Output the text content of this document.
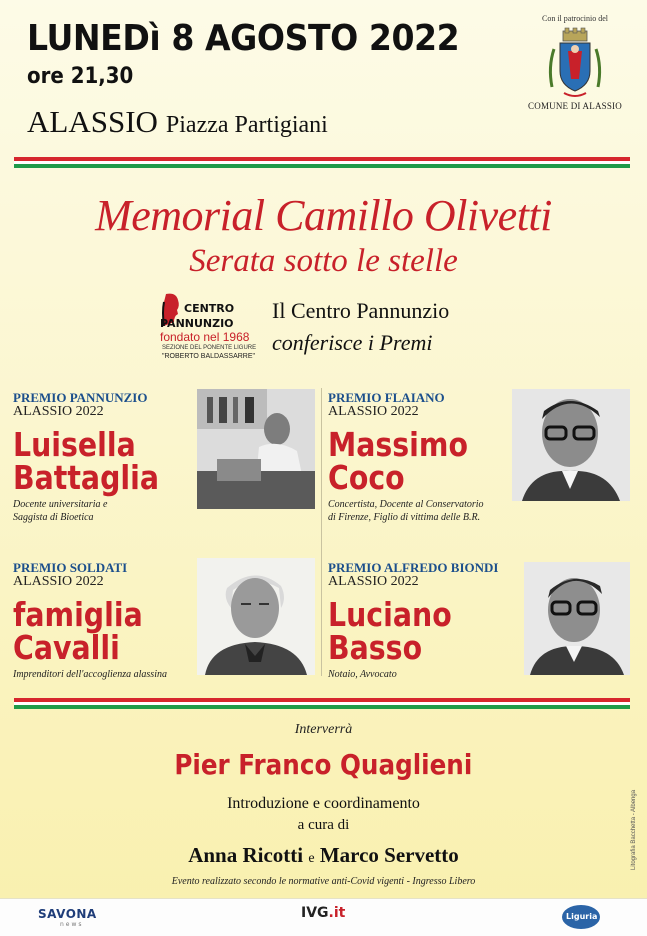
LUNEDì 8 AGOSTO 2022
ore 21,30
ALASSIO Piazza Partigiani
Con il patrocinio del
COMUNE DI ALASSIO
Memorial Camillo Olivetti
Serata sotto le stelle
CENTRO
PANNUNZIO
fondato nel 1968
SEZIONE DEL PONENTE LIGURE
"ROBERTO BALDASSARRE"
Il Centro Pannunzio
conferisce i Premi
PREMIO PANNUNZIO
ALASSIO 2022
Luisella
Battaglia
Docente universitaria e
Saggista di Bioetica
PREMIO FLAIANO
ALASSIO 2022
Massimo
Coco
Concertista, Docente al Conservatorio
di Firenze, Figlio di vittima delle B.R.
PREMIO SOLDATI
ALASSIO 2022
famiglia
Cavalli
Imprenditori dell'accoglienza alassina
PREMIO ALFREDO BIONDI
ALASSIO 2022
Luciano
Basso
Notaio, Avvocato
Interverrà
Pier Franco Quaglieni
Introduzione e coordinamento
a cura di
Anna Ricotti e Marco Servetto
Evento realizzato secondo le normative anti-Covid vigenti - Ingresso Libero
Litografia Bacchetta - Albenga
SAVONA
news
IVG.it	Liguria
